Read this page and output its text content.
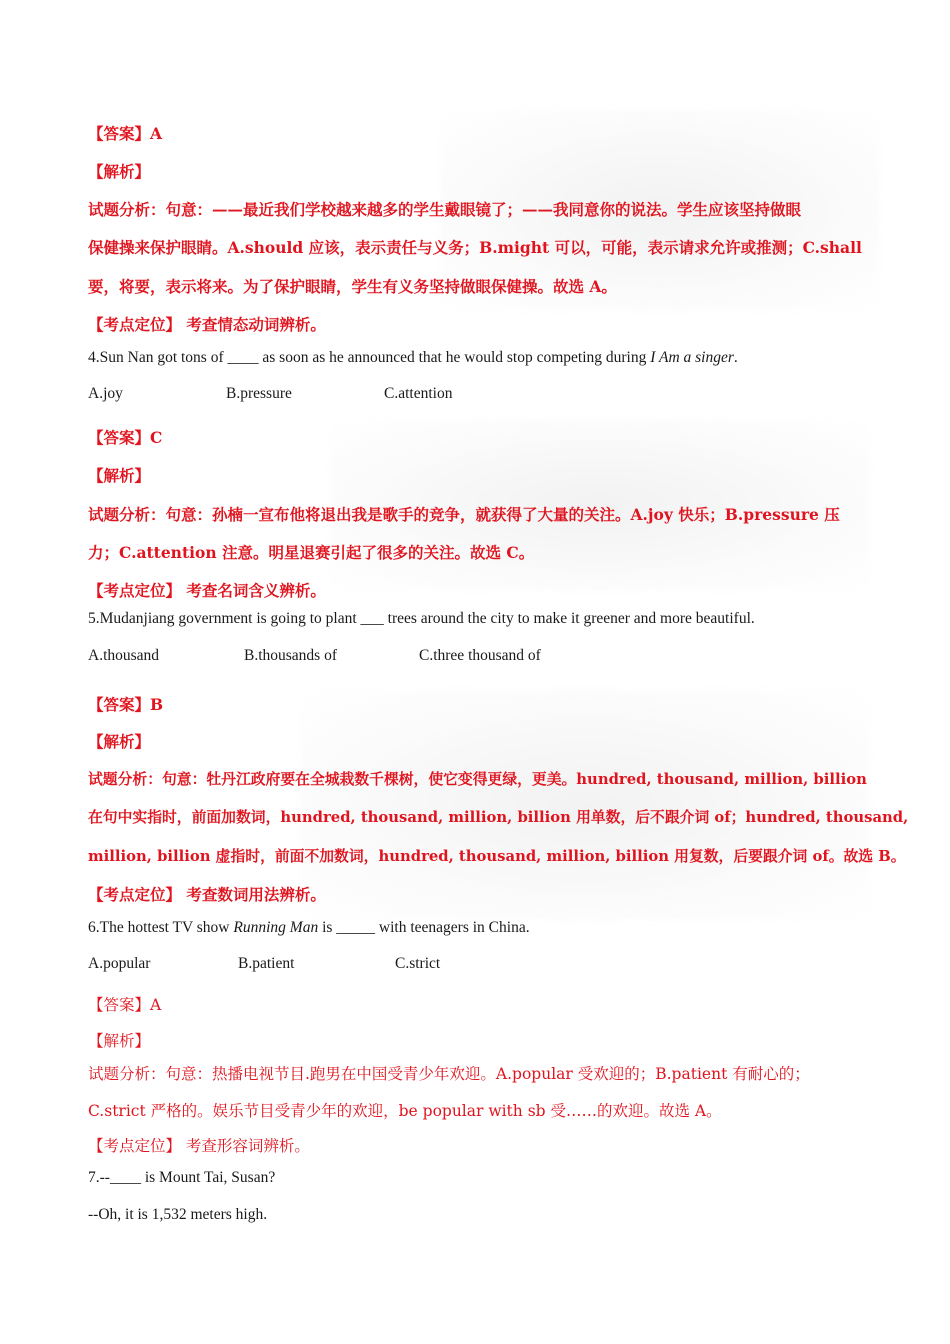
【答案】A
【解析】
试题分析：句意：——最近我们学校越来越多的学生戴眼镜了；——我同意你的说法。学生应该坚持做眼
保健操来保护眼睛。A.should 应该，表示责任与义务；B.might 可以，可能，表示请求允许或推测；C.shall
要，将要，表示将来。为了保护眼睛，学生有义务坚持做眼保健操。故选 A。
【考点定位】 考查情态动词辨析。
4.Sun Nan got tons of ____ as soon as he announced that he would stop competing during I Am a singer.
A.joy	B.pressure	C.attention
【答案】C
【解析】
试题分析：句意：孙楠一宣布他将退出我是歌手的竞争，就获得了大量的关注。A.joy 快乐；B.pressure 压
力；C.attention 注意。明星退赛引起了很多的关注。故选 C。
【考点定位】 考查名词含义辨析。
5.Mudanjiang government is going to plant ___ trees around the city to make it greener and more beautiful.
A.thousand	B.thousands of	C.three thousand of
【答案】B
【解析】
试题分析：句意：牡丹江政府要在全城栽数千棵树，使它变得更绿，更美。hundred, thousand, million, billion
在句中实指时，前面加数词，hundred, thousand, million, billion 用单数，后不跟介词 of；hundred, thousand,
million, billion 虚指时，前面不加数词，hundred, thousand, million, billion 用复数，后要跟介词 of。故选 B。
【考点定位】 考查数词用法辨析。
6.The hottest TV show Running Man is _____ with teenagers in China.
A.popular	B.patient	C.strict
【答案】A
【解析】
试题分析：句意：热播电视节目.跑男在中国受青少年欢迎。A.popular 受欢迎的；B.patient 有耐心的；
C.strict 严格的。娱乐节目受青少年的欢迎，be popular with sb 受……的欢迎。故选 A。
【考点定位】 考查形容词辨析。
7.--____ is Mount Tai, Susan?
--Oh, it is 1,532 meters high.
